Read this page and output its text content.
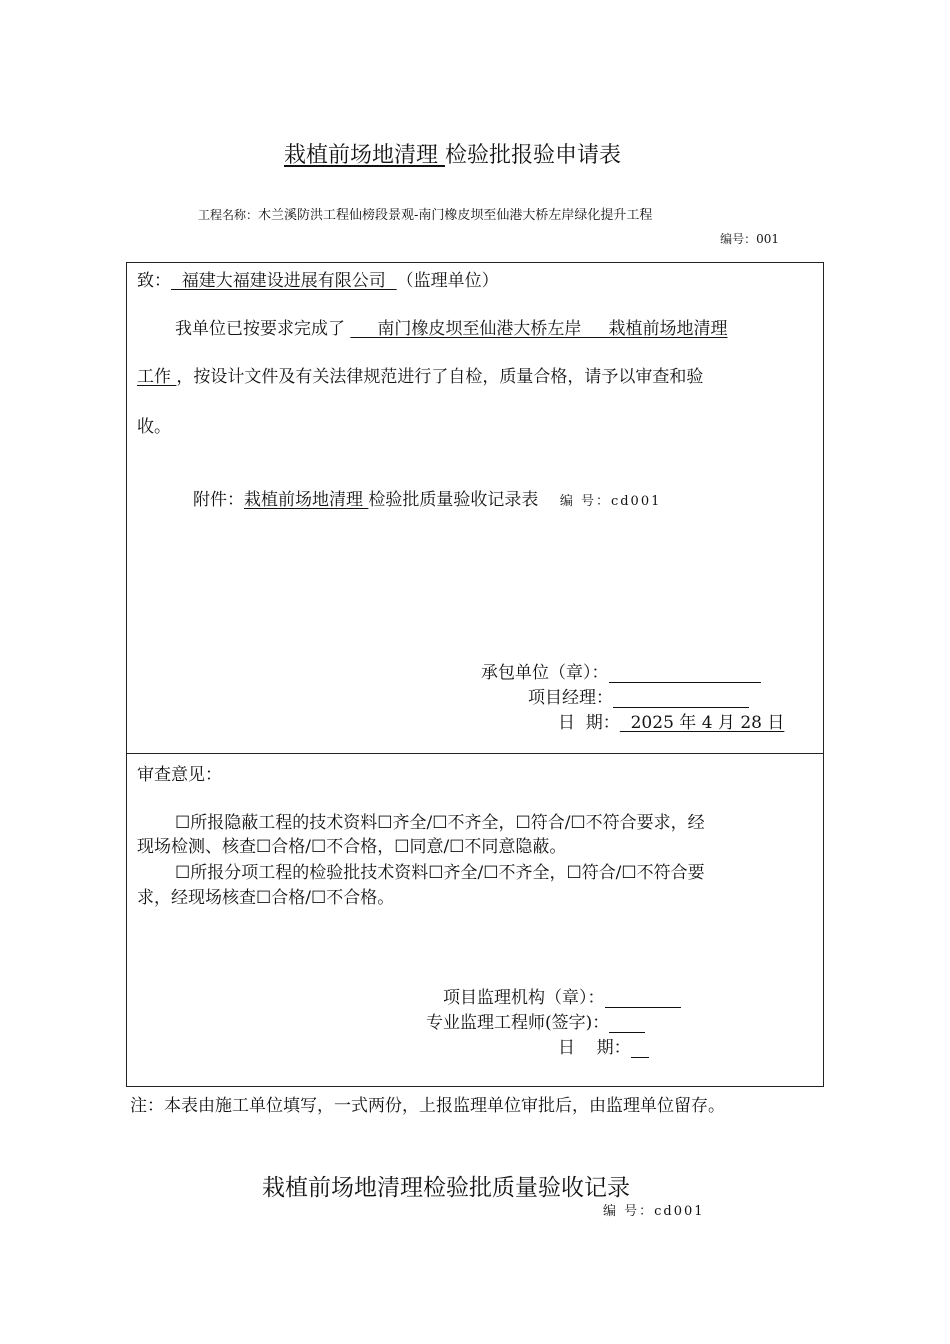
栽植前场地清理 检验批报验申请表
工程名称：木兰溪防洪工程仙榜段景观-南门橡皮坝至仙港大桥左岸绿化提升工程
编号：001
致：  福建大福建设进展有限公司  （监理单位）
我单位已按要求完成了      南门橡皮坝至仙港大桥左岸     栽植前场地清理
工作 ，按设计文件及有关法律规范进行了自检，质量合格，请予以审查和验
收。
附件：栽植前场地清理 检验批质量验收记录表 编 号：cd001
承包单位（章）：
项目经理：
日  期：  2025 年 4 月 28 日
审查意见：
☐所报隐蔽工程的技术资料☐齐全/☐不齐全，☐符合/☐不符合要求，经
现场检测、核查☐合格/☐不合格，☐同意/☐不同意隐蔽。
☐所报分项工程的检验批技术资料☐齐全/☐不齐全，☐符合/☐不符合要
求，经现场核查☐合格/☐不合格。
项目监理机构（章）：
专业监理工程师(签字)：
日    期：
注：本表由施工单位填写，一式两份，上报监理单位审批后，由监理单位留存。
栽植前场地清理检验批质量验收记录
编 号：cd001
